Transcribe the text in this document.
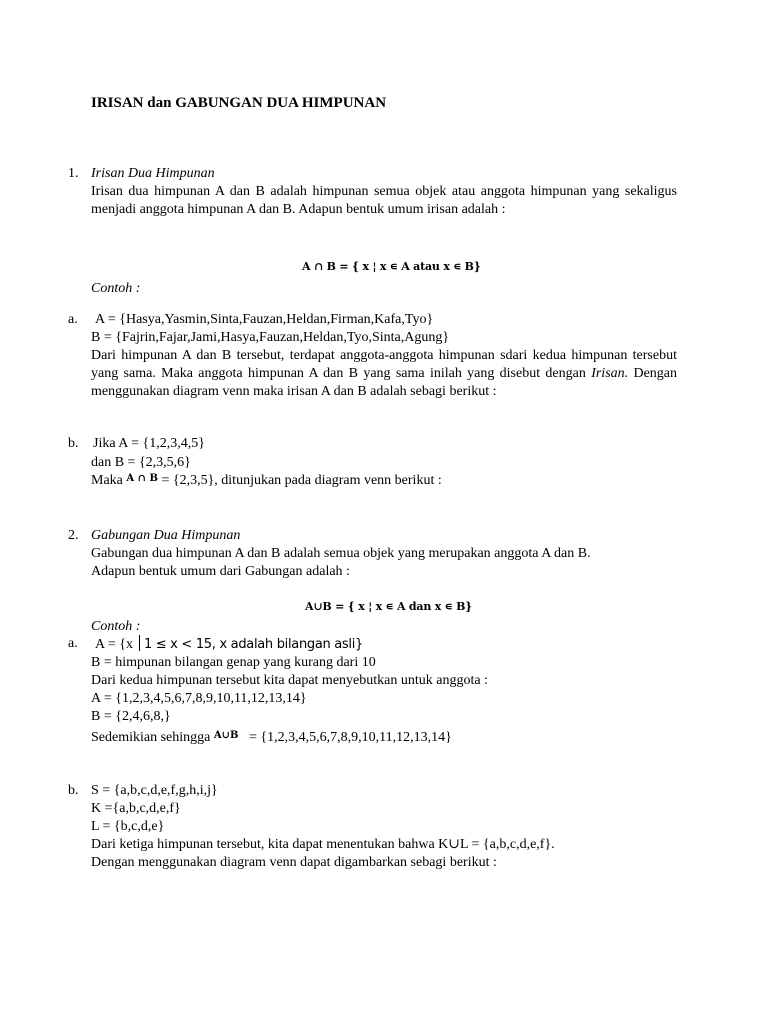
IRISAN dan GABUNGAN DUA HIMPUNAN
1. Irisan Dua Himpunan
Irisan dua himpunan A dan B adalah himpunan semua objek atau anggota himpunan yang sekaligus menjadi anggota himpunan A dan B. Adapun bentuk umum irisan adalah :
A ∩ B = { x ¦ x ∊ A atau x ∊ B}
Contoh :
a. A = {Hasya,Yasmin,Sinta,Fauzan,Heldan,Firman,Kafa,Tyo}
B = {Fajrin,Fajar,Jami,Hasya,Fauzan,Heldan,Tyo,Sinta,Agung}
Dari himpunan A dan B tersebut, terdapat anggota-anggota himpunan sdari kedua himpunan tersebut yang sama. Maka anggota himpunan A dan B yang sama inilah yang disebut dengan Irisan. Dengan menggunakan diagram venn maka irisan A dan B adalah sebagi berikut :
b. Jika A = {1,2,3,4,5}
dan B = {2,3,5,6}
Maka $^{A \cap B}$ = {2,3,5}, ditunjukan pada diagram venn berikut :
2. Gabungan Dua Himpunan
Gabungan dua himpunan A dan B adalah semua objek yang merupakan anggota A dan B.
Adapun bentuk umum dari Gabungan adalah :
A∪B = { x ¦ x ∊ A dan x ∊ B}
Contoh :
a. A = {x 1 ≤ x < 15, x adalah bilangan asli}
B = himpunan bilangan genap yang kurang dari 10
Dari kedua himpunan tersebut kita dapat menyebutkan untuk anggota :
A = {1,2,3,4,5,6,7,8,9,10,11,12,13,14}
B = {2,4,6,8,}
Sedemikian sehingga $^{A\cup B}$ = {1,2,3,4,5,6,7,8,9,10,11,12,13,14}
b. S = {a,b,c,d,e,f,g,h,i,j}
K ={a,b,c,d,e,f}
L = {b,c,d,e}
Dari ketiga himpunan tersebut, kita dapat menentukan bahwa K∪L = {a,b,c,d,e,f}.
Dengan menggunakan diagram venn dapat digambarkan sebagi berikut :
